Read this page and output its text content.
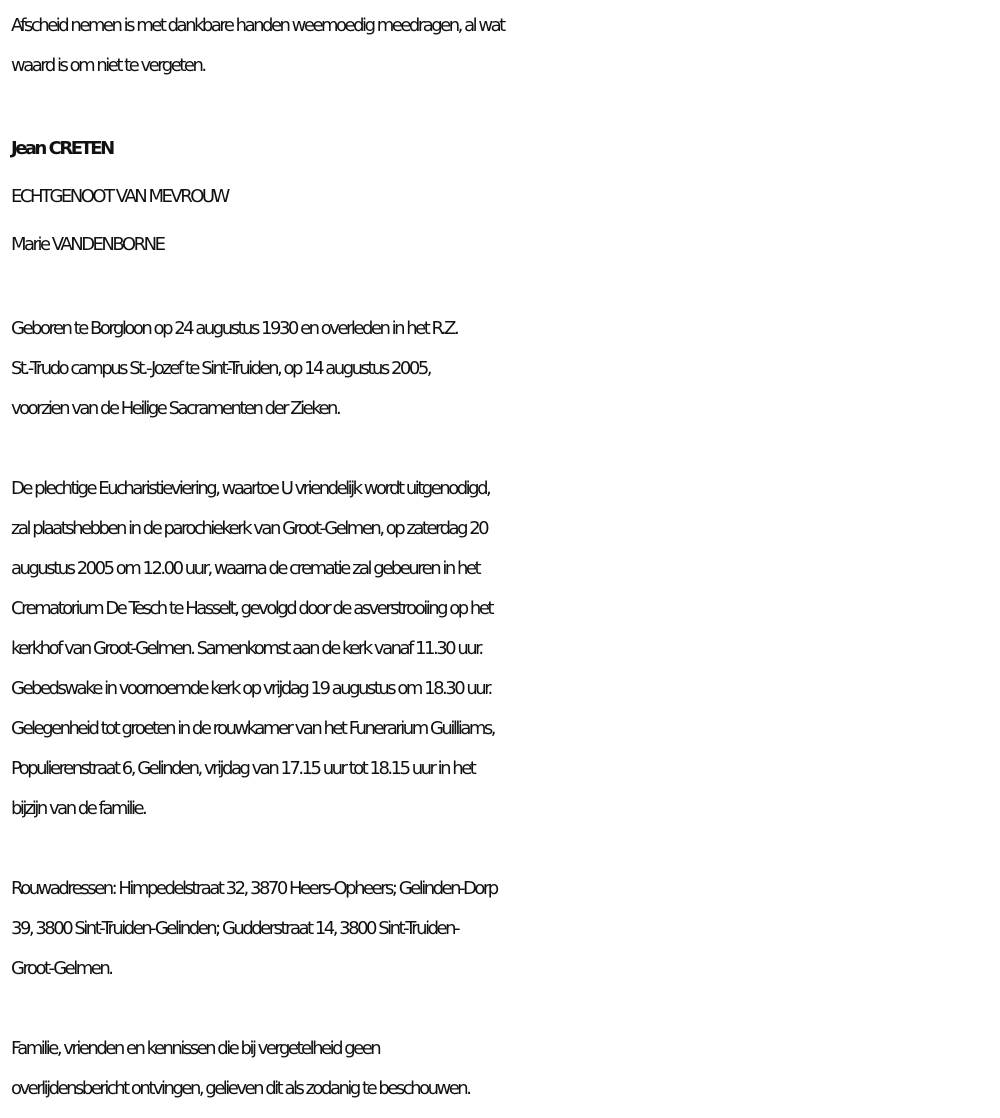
Afscheid nemen is met dankbare handen weemoedig meedragen, al wat
waard is om niet te vergeten.
Jean CRETEN
ECHTGENOOT VAN MEVROUW
Marie VANDENBORNE
Geboren te Borgloon op 24 augustus 1930 en overleden in het R.Z.
St.-Trudo campus St.-Jozef te Sint-Truiden, op 14 augustus 2005,
voorzien van de Heilige Sacramenten der Zieken.
De plechtige Eucharistieviering, waartoe U vriendelijk wordt uitgenodigd,
zal plaatshebben in de parochiekerk van Groot-Gelmen, op zaterdag 20
augustus 2005 om 12.00 uur, waarna de crematie zal gebeuren in het
Crematorium De Tesch te Hasselt, gevolgd door de asverstrooiing op het
kerkhof van Groot-Gelmen. Samenkomst aan de kerk vanaf 11.30 uur.
Gebedswake in voornoemde kerk op vrijdag 19 augustus om 18.30 uur.
Gelegenheid tot groeten in de rouwkamer van het Funerarium Guilliams,
Populierenstraat 6, Gelinden, vrijdag van 17.15 uur tot 18.15 uur in het
bijzijn van de familie.
Rouwadressen: Himpedelstraat 32, 3870 Heers-Opheers; Gelinden-Dorp
39, 3800 Sint-Truiden-Gelinden; Gudderstraat 14, 3800 Sint-Truiden-
Groot-Gelmen.
Familie, vrienden en kennissen die bij vergetelheid geen
overlijdensbericht ontvingen, gelieven dit als zodanig te beschouwen.
